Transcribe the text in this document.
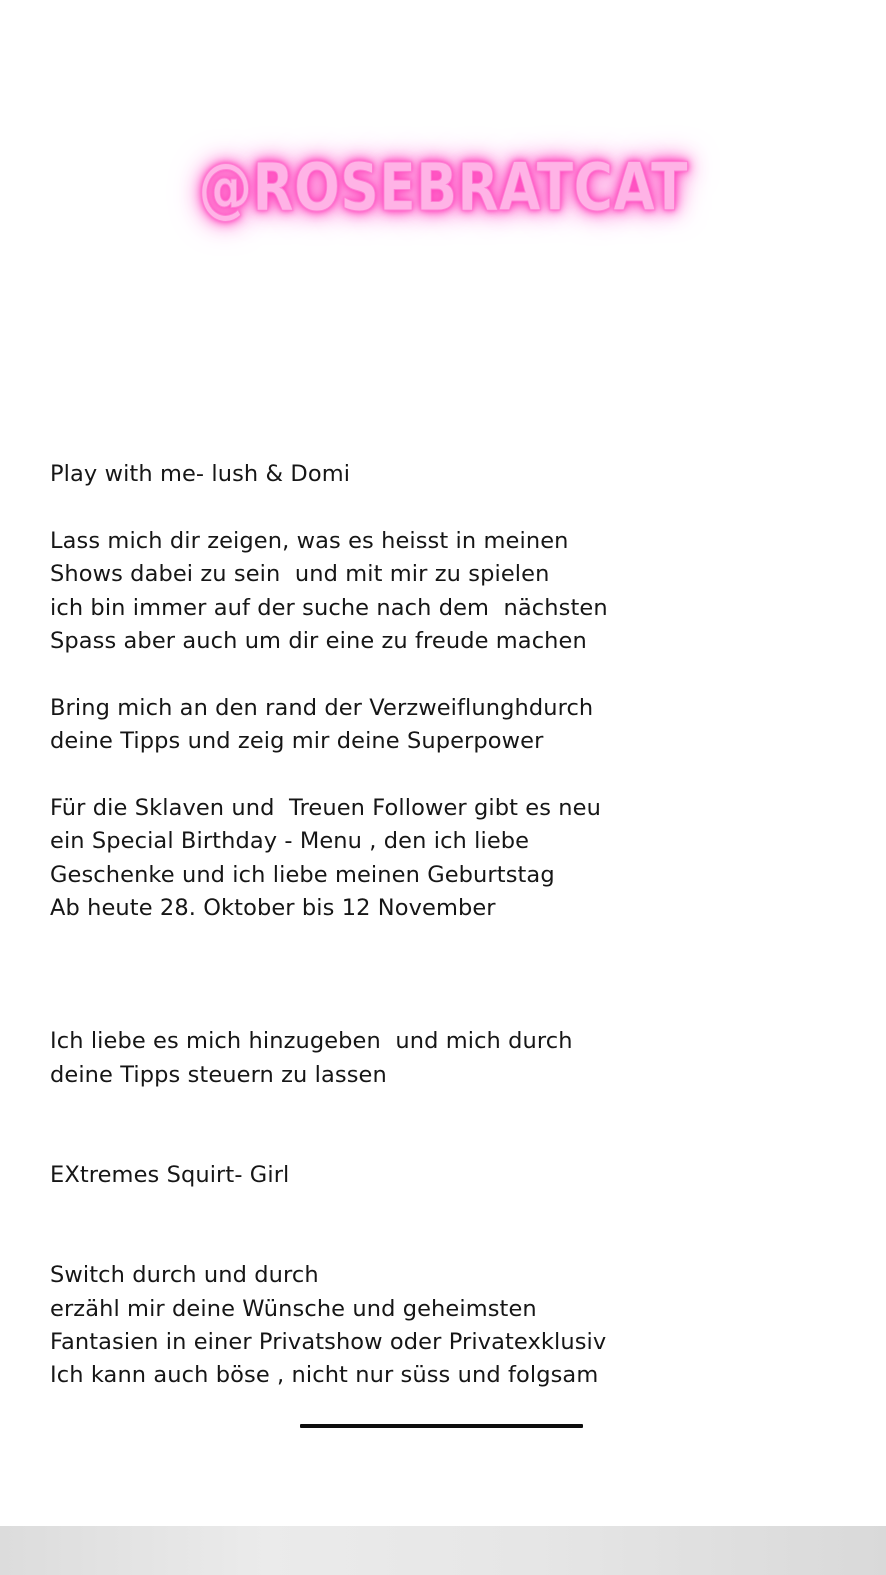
@ROSEBRATCAT
Play with me- lush & Domi
Lass mich dir zeigen, was es heisst in meinen
Shows dabei zu sein  und mit mir zu spielen
ich bin immer auf der suche nach dem  nächsten
Spass aber auch um dir eine zu freude machen
Bring mich an den rand der Verzweiflunghdurch
deine Tipps und zeig mir deine Superpower
Für die Sklaven und  Treuen Follower gibt es neu
ein Special Birthday - Menu , den ich liebe
Geschenke und ich liebe meinen Geburtstag
Ab heute 28. Oktober bis 12 November
Ich liebe es mich hinzugeben  und mich durch
deine Tipps steuern zu lassen
EXtremes Squirt- Girl
Switch durch und durch
erzähl mir deine Wünsche und geheimsten
Fantasien in einer Privatshow oder Privatexklusiv
Ich kann auch böse , nicht nur süss und folgsam
